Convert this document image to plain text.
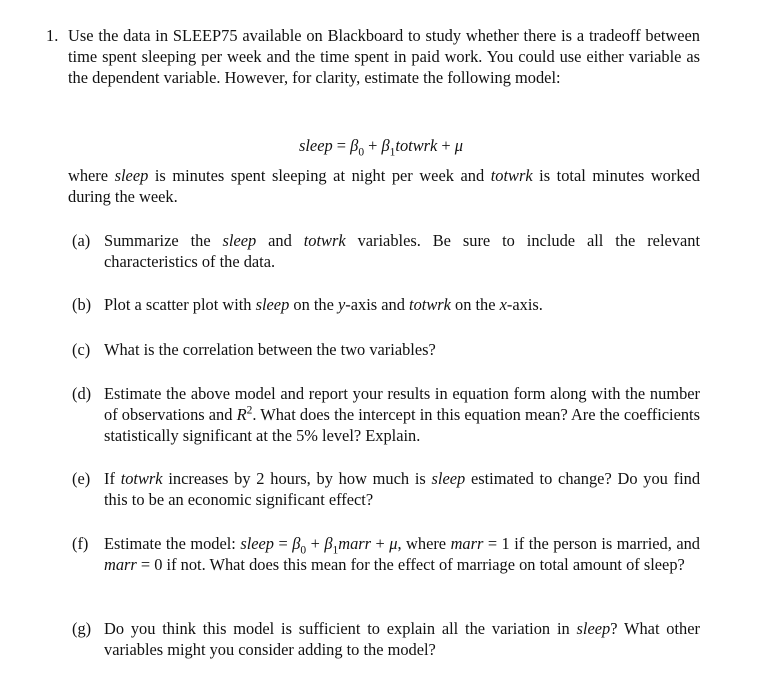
1. Use the data in SLEEP75 available on Blackboard to study whether there is a tradeoff between time spent sleeping per week and the time spent in paid work. You could use either variable as the dependent variable. However, for clarity, estimate the following model:
sleep = $\beta_0$ + $\beta_1totwrk + \mu$
where sleep is minutes spent sleeping at night per week and totwrk is total minutes worked during the week.
(a) Summarize the sleep and totwrk variables. Be sure to include all the relevant characteristics of the data.
(b) Plot a scatter plot with sleep on the y-axis and totwrk on the x-axis.
(c) What is the correlation between the two variables?
(d) Estimate the above model and report your results in equation form along with the number of observations and $R^2$. What does the intercept in this equation mean? Are the coefficients statistically significant at the 5% level? Explain.
(e) If totwrk increases by 2 hours, by how much is sleep estimated to change? Do you find this to be an economic significant effect?
(f) Estimate the model: sleep = $\beta_0$ + $\beta_1marr + \mu$, where marr = 1 if the person is married, and marr = 0 if not. What does this mean for the effect of marriage on total amount of sleep?
(g) Do you think this model is sufficient to explain all the variation in sleep? What other variables might you consider adding to the model?
